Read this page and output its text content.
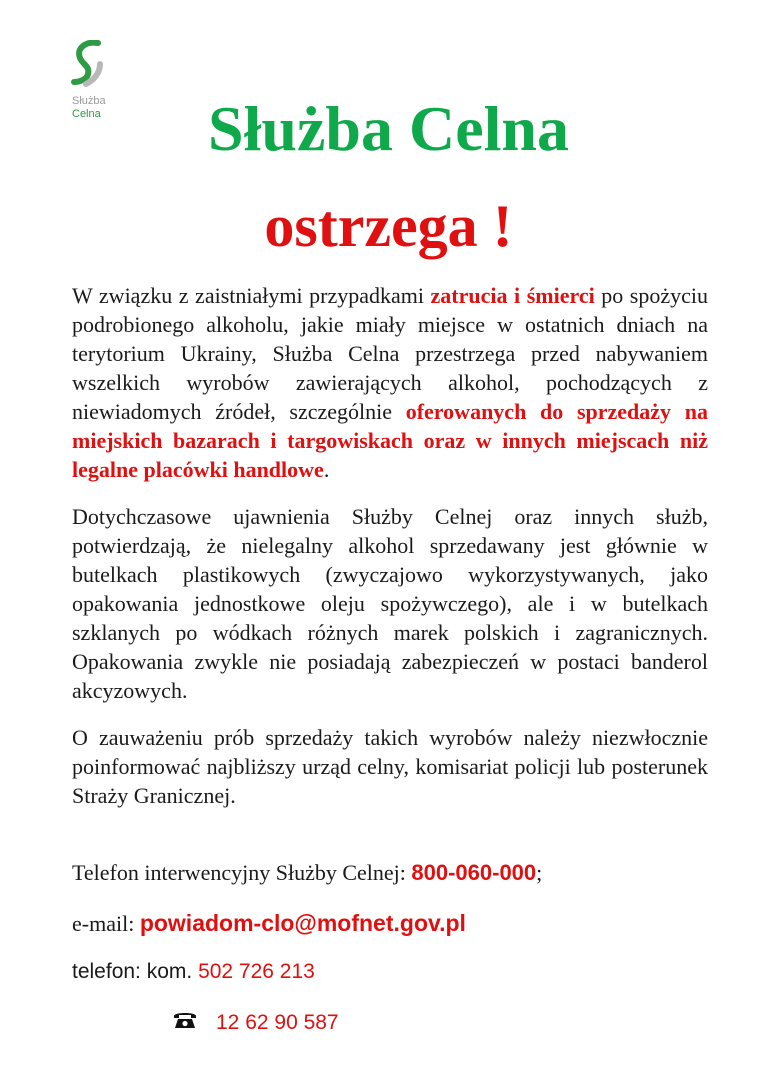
Służba
Celna	Służba Celna
ostrzega !

W związku z zaistniałymi przypadkami zatrucia i śmierci po spożyciu podrobionego alkoholu, jakie miały miejsce w ostatnich dniach na terytorium Ukrainy, Służba Celna przestrzega przed nabywaniem wszelkich wyrobów zawierających alkohol, pochodzących z niewiadomych źródeł, szczególnie oferowanych do sprzedaży na miejskich bazarach i targowiskach oraz w innych miejscach niż legalne placówki handlowe.

Dotychczasowe ujawnienia Służby Celnej oraz innych służb, potwierdzają, że nielegalny alkohol sprzedawany jest głównie w butelkach plastikowych (zwyczajowo wykorzystywanych, jako opakowania jednostkowe oleju spożywczego), ale i w butelkach szklanych po wódkach różnych marek polskich i zagranicznych. Opakowania zwykle nie posiadają zabezpieczeń w postaci banderol akcyzowych.

O zauważeniu prób sprzedaży takich wyrobów należy niezwłocznie poinformować najbliższy urząd celny, komisariat policji lub posterunek Straży Granicznej.

Telefon interwencyjny Służby Celnej: 800-060-000;
e-mail: powiadom-clo@mofnet.gov.pl
telefon: kom. 502 726 213
12 62 90 587
